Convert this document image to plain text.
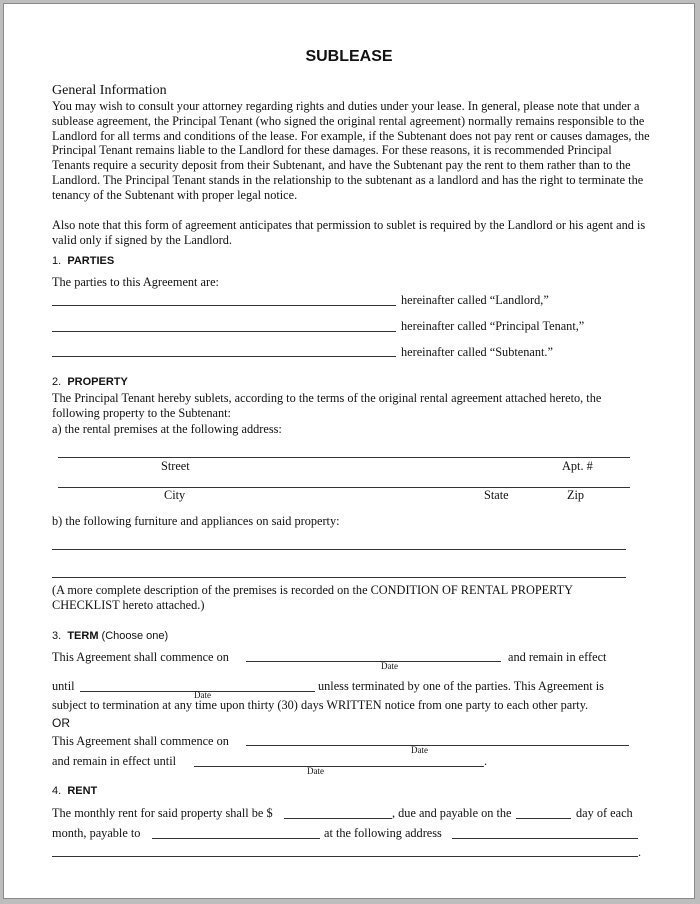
SUBLEASE
General Information
You may wish to consult your attorney regarding rights and duties under your lease. In general, please note that under a sublease agreement, the Principal Tenant (who signed the original rental agreement) normally remains responsible to the Landlord for all terms and conditions of the lease. For example, if the Subtenant does not pay rent or causes damages, the Principal Tenant remains liable to the Landlord for these damages. For these reasons, it is recommended Principal Tenants require a security deposit from their Subtenant, and have the Subtenant pay the rent to them rather than to the Landlord. The Principal Tenant stands in the relationship to the subtenant as a landlord and has the right to terminate the tenancy of the Subtenant with proper legal notice.
Also note that this form of agreement anticipates that permission to sublet is required by the Landlord or his agent and is valid only if signed by the Landlord.
1. PARTIES
The parties to this Agreement are:
hereinafter called “Landlord,”
hereinafter called “Principal Tenant,”
hereinafter called “Subtenant.”
2. PROPERTY
The Principal Tenant hereby sublets, according to the terms of the original rental agreement attached hereto, the following property to the Subtenant:
a) the rental premises at the following address:
Street	Apt. #
City	State	Zip
b) the following furniture and appliances on said property:
(A more complete description of the premises is recorded on the CONDITION OF RENTAL PROPERTY CHECKLIST hereto attached.)
3. TERM (Choose one)
This Agreement shall commence on
Date
and remain in effect
until
Date
unless terminated by one of the parties. This Agreement is
subject to termination at any time upon thirty (30) days WRITTEN notice from one party to each other party.
OR
This Agreement shall commence on
Date
and remain in effect until	.
Date
4. RENT
The monthly rent for said property shall be $	, due and payable on the	day of each
month, payable to	at the following address
.
